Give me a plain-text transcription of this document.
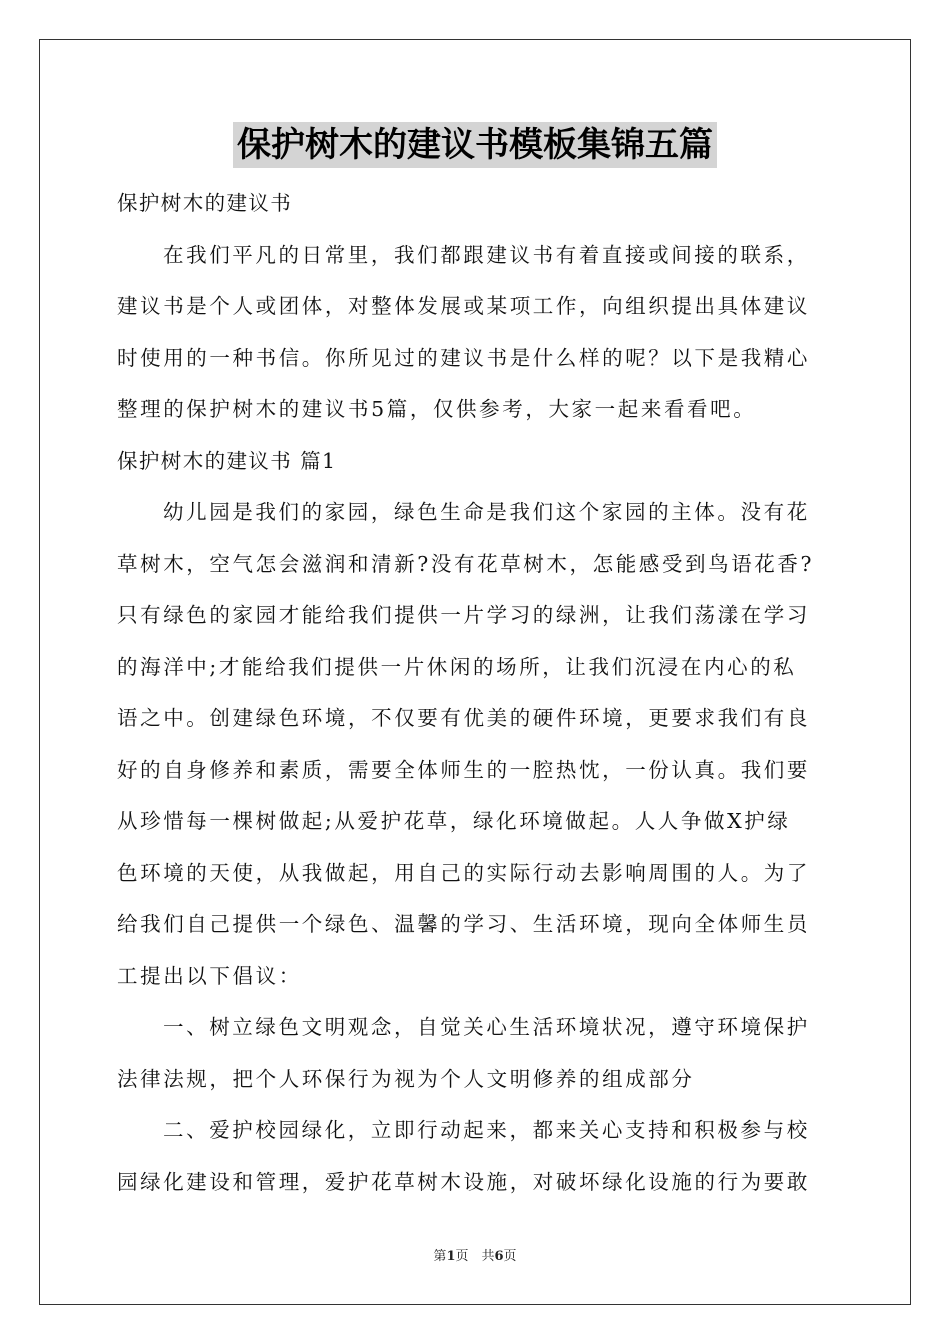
保护树木的建议书模板集锦五篇
保护树木的建议书
在我们平凡的日常里，我们都跟建议书有着直接或间接的联系，
建议书是个人或团体，对整体发展或某项工作，向组织提出具体建议
时使用的一种书信。你所见过的建议书是什么样的呢？以下是我精心
整理的保护树木的建议书5篇，仅供参考，大家一起来看看吧。
保护树木的建议书 篇1
幼儿园是我们的家园，绿色生命是我们这个家园的主体。没有花
草树木，空气怎会滋润和清新?没有花草树木，怎能感受到鸟语花香?
只有绿色的家园才能给我们提供一片学习的绿洲，让我们荡漾在学习
的海洋中;才能给我们提供一片休闲的场所，让我们沉浸在内心的私
语之中。创建绿色环境，不仅要有优美的硬件环境，更要求我们有良
好的自身修养和素质，需要全体师生的一腔热忱，一份认真。我们要
从珍惜每一棵树做起;从爱护花草，绿化环境做起。人人争做X护绿
色环境的天使，从我做起，用自己的实际行动去影响周围的人。为了
给我们自己提供一个绿色、温馨的学习、生活环境，现向全体师生员
工提出以下倡议：
一、树立绿色文明观念，自觉关心生活环境状况，遵守环境保护
法律法规，把个人环保行为视为个人文明修养的组成部分
二、爱护校园绿化，立即行动起来，都来关心支持和积极参与校
园绿化建设和管理，爱护花草树木设施，对破坏绿化设施的行为要敢
第1页　共6页
